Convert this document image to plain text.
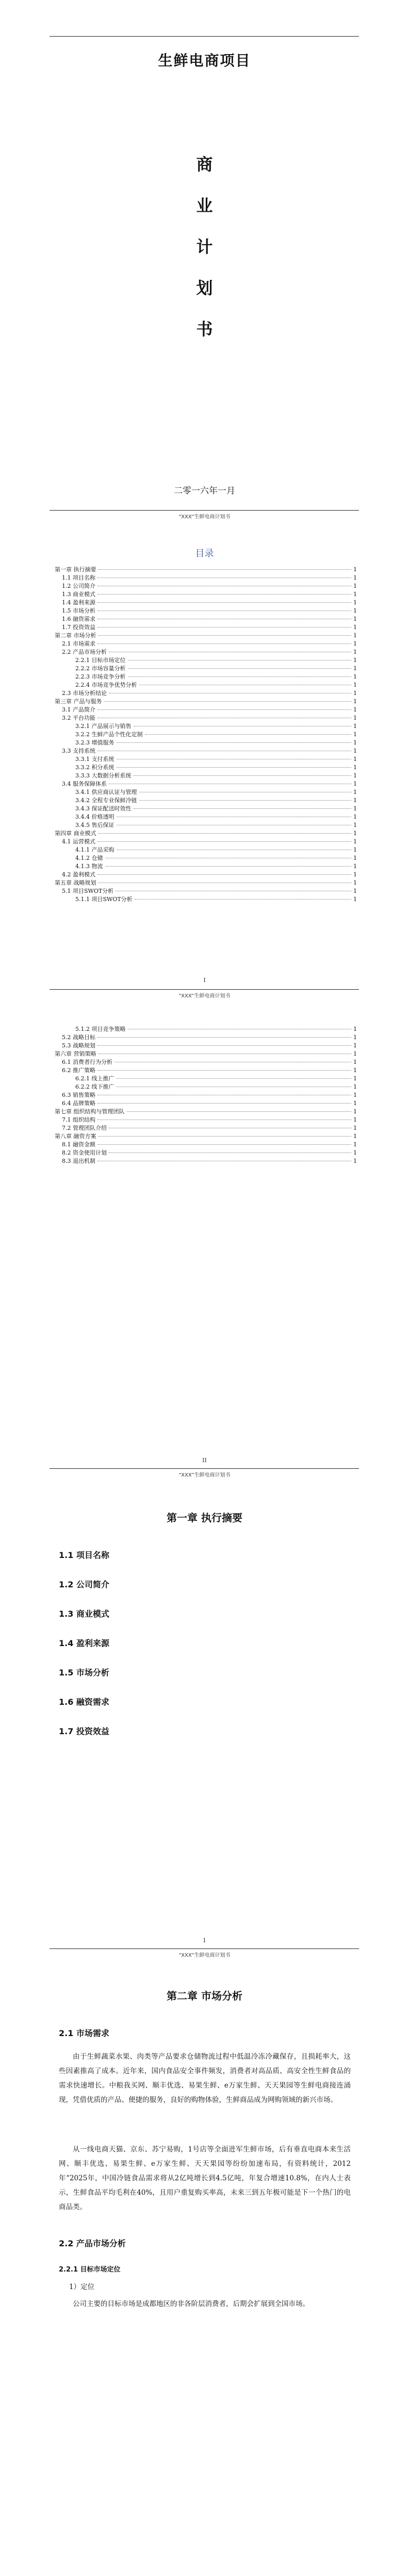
生鲜电商项目
商
业
计
划
书
二零一六年一月
“XXX”生鲜电商计划书
目录
第一章 执行摘要	1
1.1 项目名称	1
1.2 公司简介	1
1.3 商业模式	1
1.4 盈利来源	1
1.5 市场分析	1
1.6 融资需求	1
1.7 投资效益	1
第二章 市场分析	1
2.1 市场需求	1
2.2 产品市场分析	1
2.2.1 目标市场定位	1
2.2.2 市场容量分析	1
2.2.3 市场竞争分析	1
2.2.4 市场竞争优势分析	1
2.3 市场分析结论	1
第三章 产品与服务	1
3.1 产品简介	1
3.2 平台功能	1
3.2.1 产品展示与销售	1
3.2.2 生鲜产品个性化定制	1
3.2.3 增值服务	1
3.3 支持系统	1
3.3.1 支付系统	1
3.3.2 积分系统	1
3.3.3 大数据分析系统	1
3.4 服务保障体系	1
3.4.1 供应商认证与管理	1
3.4.2 全程专业保鲜冷链	1
3.4.3 保证配送时效性	1
3.4.4 价格透明	1
3.4.5 售后保证	1
第四章 商业模式	1
4.1 运营模式	1
4.1.1 产品采购	1
4.1.2 仓储	1
4.1.3 物流	1
4.2 盈利模式	1
第五章 战略规划	1
5.1 项目SWOT分析	1
5.1.1 项目SWOT分析	1
I
“XXX”生鲜电商计划书
5.1.2 项目竞争策略	1
5.2 战略目标	1
5.3 战略规划	1
第六章 营销策略	1
6.1 消费者行为分析	1
6.2 推广策略	1
6.2.1 线上推广	1
6.2.2 线下推广	1
6.3 销售策略	1
6.4 品牌策略	1
第七章 组织结构与管理团队	1
7.1 组织结构	1
7.2 管理团队介绍	1
第八章 融资方案	1
8.1 融资金额	1
8.2 资金使用计划	1
8.3 退出机制	1
II
“XXX”生鲜电商计划书
第一章 执行摘要
1.1 项目名称
1.2 公司简介
1.3 商业模式
1.4 盈利来源
1.5 市场分析
1.6 融资需求
1.7 投资效益
1
“XXX”生鲜电商计划书
第二章 市场分析
2.1 市场需求
由于生鲜蔬菜水果、肉类等产品要求仓储物流过程中低温冷冻冷藏保存，且损耗率大，这些因素推高了成本。近年来，国内食品安全事件频发，消费者对高品质、高安全性生鲜食品的需求快速增长。中粮我买网、顺丰优选、易果生鲜、e万家生鲜、天天果园等生鲜电商接连涌现，凭借优质的产品、便捷的服务，良好的购物体验，生鲜商品成为网购领域的新兴市场。
从一线电商天猫、京东、苏宁易购，1号店等全面进军生鲜市场，后有垂直电商本来生活网、顺丰优选、易果生鲜、e万家生鲜、天天果园等纷纷加速布局，有资料统计，2012年“2025年，中国冷链食品需求将从2亿吨增长到4.5亿吨，年复合增速10.8%，在内人士表示，生鲜食品平均毛利在40%，且用户重复购买率高，未来三到五年极可能是下一个热门的电商品类。
2.2 产品市场分析
2.2.1 目标市场定位
1）定位
公司主要的目标市场是成都地区的非各阶层消费者，后期会扩展到全国市场。
